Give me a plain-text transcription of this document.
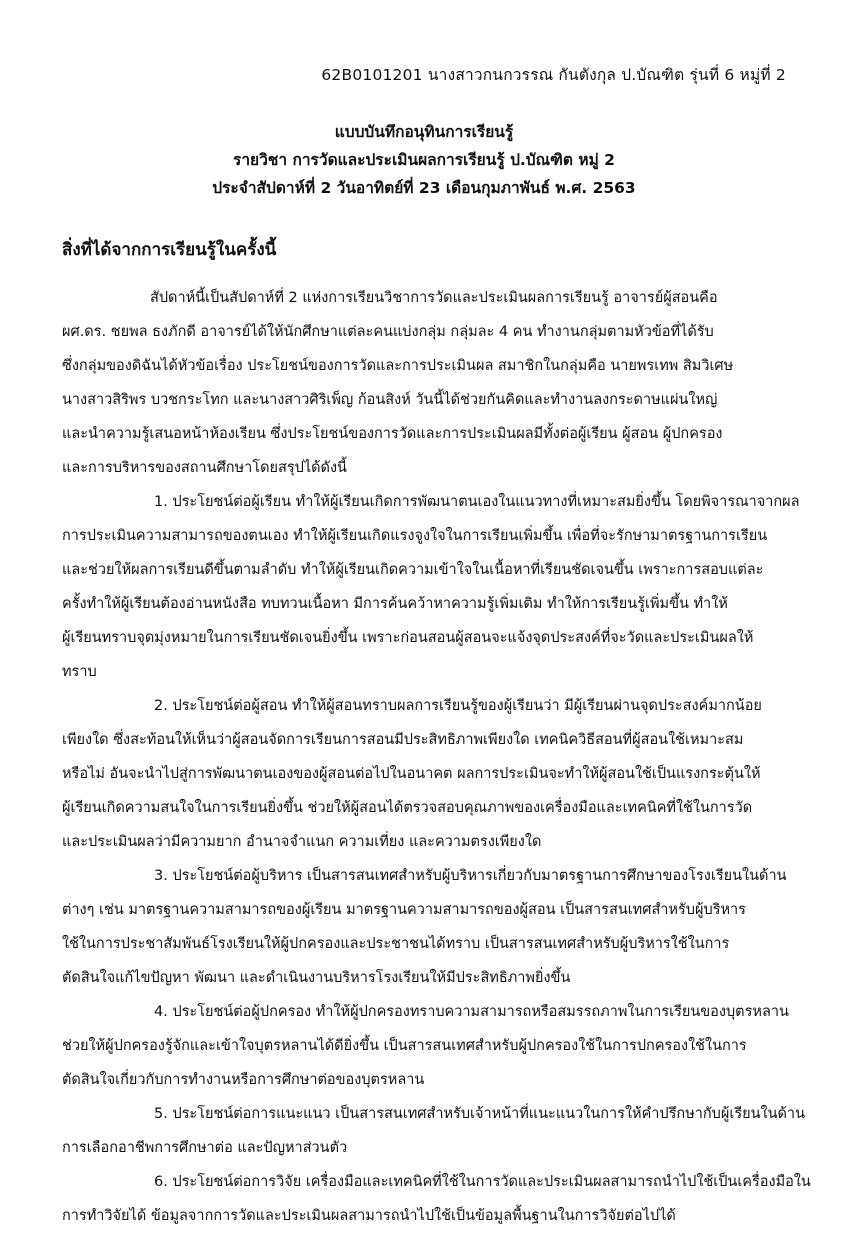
62B0101201 นางสาวกนกวรรณ กันตังกุล ป.บัณฑิต รุ่นที่ 6 หมู่ที่ 2
แบบบันทึกอนุทินการเรียนรู้
รายวิชา การวัดและประเมินผลการเรียนรู้ ป.บัณฑิต หมู่ 2
ประจำสัปดาห์ที่ 2 วันอาทิตย์ที่ 23 เดือนกุมภาพันธ์ พ.ศ. 2563
สิ่งที่ได้จากการเรียนรู้ในครั้งนี้
สัปดาห์นี้เป็นสัปดาห์ที่ 2 แห่งการเรียนวิชาการวัดและประเมินผลการเรียนรู้ อาจารย์ผู้สอนคือ
ผศ.ดร. ชยพล ธงภักดี อาจารย์ได้ให้นักศึกษาแต่ละคนแบ่งกลุ่ม กลุ่มละ 4 คน ทำงานกลุ่มตามหัวข้อที่ได้รับ
ซึ่งกลุ่มของดิฉันได้หัวข้อเรื่อง ประโยชน์ของการวัดและการประเมินผล สมาชิกในกลุ่มคือ นายพรเทพ สิมวิเศษ
นางสาวสิริพร บวชกระโทก และนางสาวศิริเพ็ญ ก้อนสิงห์ วันนี้ได้ช่วยกันคิดและทำงานลงกระดาษแผ่นใหญ่
และนำความรู้เสนอหน้าห้องเรียน ซึ่งประโยชน์ของการวัดและการประเมินผลมีทั้งต่อผู้เรียน ผู้สอน ผู้ปกครอง
และการบริหารของสถานศึกษาโดยสรุปได้ดังนี้
1. ประโยชน์ต่อผู้เรียน ทำให้ผู้เรียนเกิดการพัฒนาตนเองในแนวทางที่เหมาะสมยิ่งขึ้น โดยพิจารณาจากผล
การประเมินความสามารถของตนเอง ทำให้ผู้เรียนเกิดแรงจูงใจในการเรียนเพิ่มขึ้น เพื่อที่จะรักษามาตรฐานการเรียน
และช่วยให้ผลการเรียนดีขึ้นตามลำดับ ทำให้ผู้เรียนเกิดความเข้าใจในเนื้อหาที่เรียนชัดเจนขึ้น เพราะการสอบแต่ละ
ครั้งทำให้ผู้เรียนต้องอ่านหนังสือ ทบทวนเนื้อหา มีการค้นคว้าหาความรู้เพิ่มเติม ทำให้การเรียนรู้เพิ่มขึ้น ทำให้
ผู้เรียนทราบจุดมุ่งหมายในการเรียนชัดเจนยิ่งขึ้น เพราะก่อนสอนผู้สอนจะแจ้งจุดประสงค์ที่จะวัดและประเมินผลให้
ทราบ
2. ประโยชน์ต่อผู้สอน ทำให้ผู้สอนทราบผลการเรียนรู้ของผู้เรียนว่า มีผู้เรียนผ่านจุดประสงค์มากน้อย
เพียงใด ซึ่งสะท้อนให้เห็นว่าผู้สอนจัดการเรียนการสอนมีประสิทธิภาพเพียงใด เทคนิควิธีสอนที่ผู้สอนใช้เหมาะสม
หรือไม่ อันจะนำไปสู่การพัฒนาตนเองของผู้สอนต่อไปในอนาคต ผลการประเมินจะทำให้ผู้สอนใช้เป็นแรงกระตุ้นให้
ผู้เรียนเกิดความสนใจในการเรียนยิ่งขึ้น ช่วยให้ผู้สอนได้ตรวจสอบคุณภาพของเครื่องมือและเทคนิคที่ใช้ในการวัด
และประเมินผลว่ามีความยาก อำนาจจำแนก ความเที่ยง และความตรงเพียงใด
3. ประโยชน์ต่อผู้บริหาร เป็นสารสนเทศสำหรับผู้บริหารเกี่ยวกับมาตรฐานการศึกษาของโรงเรียนในด้าน
ต่างๆ เช่น มาตรฐานความสามารถของผู้เรียน มาตรฐานความสามารถของผู้สอน เป็นสารสนเทศสำหรับผู้บริหาร
ใช้ในการประชาสัมพันธ์โรงเรียนให้ผู้ปกครองและประชาชนได้ทราบ เป็นสารสนเทศสำหรับผู้บริหารใช้ในการ
ตัดสินใจแก้ไขปัญหา พัฒนา และดำเนินงานบริหารโรงเรียนให้มีประสิทธิภาพยิ่งขึ้น
4. ประโยชน์ต่อผู้ปกครอง ทำให้ผู้ปกครองทราบความสามารถหรือสมรรถภาพในการเรียนของบุตรหลาน
ช่วยให้ผู้ปกครองรู้จักและเข้าใจบุตรหลานได้ดียิ่งขึ้น เป็นสารสนเทศสำหรับผู้ปกครองใช้ในการปกครองใช้ในการ
ตัดสินใจเกี่ยวกับการทำงานหรือการศึกษาต่อของบุตรหลาน
5. ประโยชน์ต่อการแนะแนว เป็นสารสนเทศสำหรับเจ้าหน้าที่แนะแนวในการให้คำปรึกษากับผู้เรียนในด้าน
การเลือกอาชีพการศึกษาต่อ และปัญหาส่วนตัว
6. ประโยชน์ต่อการวิจัย เครื่องมือและเทคนิคที่ใช้ในการวัดและประเมินผลสามารถนำไปใช้เป็นเครื่องมือใน
การทำวิจัยได้ ข้อมูลจากการวัดและประเมินผลสามารถนำไปใช้เป็นข้อมูลพื้นฐานในการวิจัยต่อไปได้
